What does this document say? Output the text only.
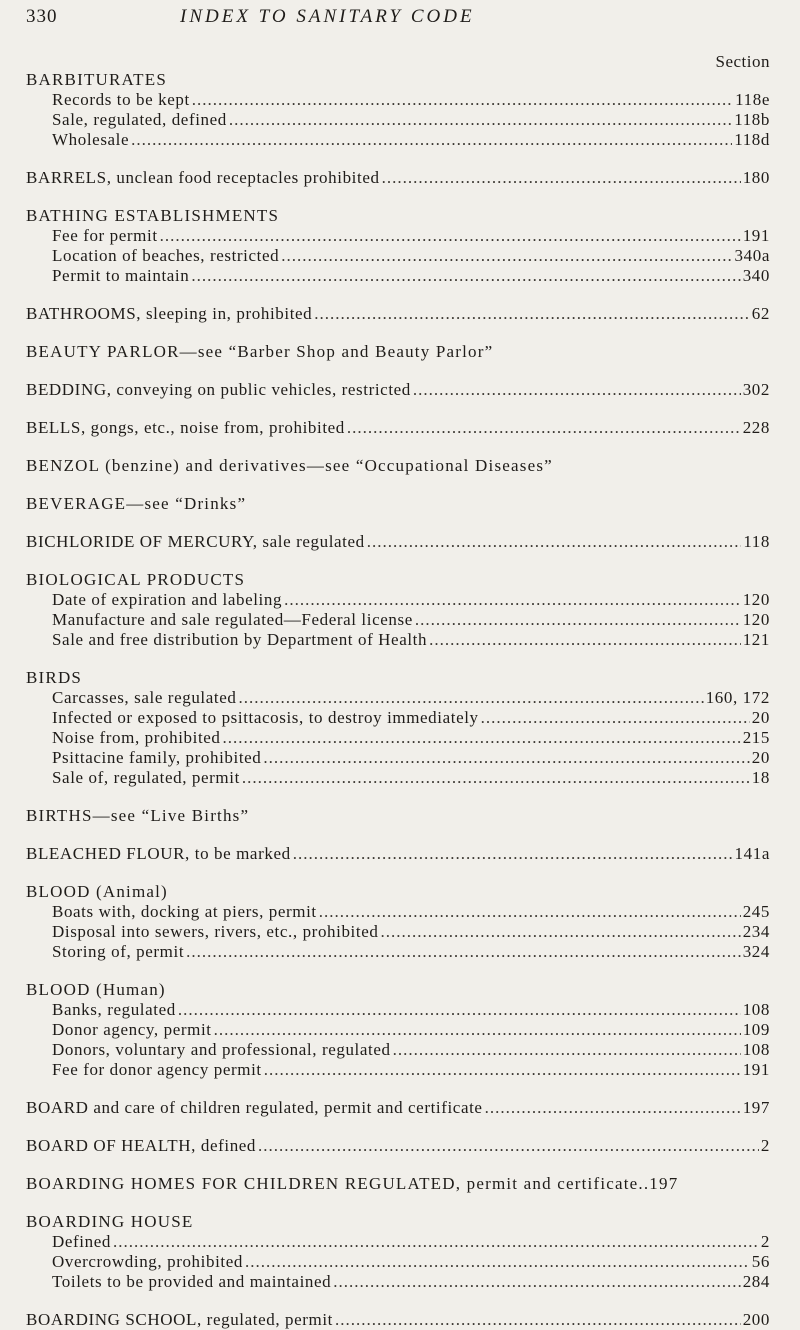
330	INDEX TO SANITARY CODE
Section
BARBITURATES
Records to be kept .....	118e
Sale, regulated, defined .....	118b
Wholesale .....	118d
BARRELS, unclean food receptacles prohibited .....	180
BATHING ESTABLISHMENTS
Fee for permit .....	191
Location of beaches, restricted .....	340a
Permit to maintain .....	340
BATHROOMS, sleeping in, prohibited .....	62
BEAUTY PARLOR—see “Barber Shop and Beauty Parlor”
BEDDING, conveying on public vehicles, restricted .....	302
BELLS, gongs, etc., noise from, prohibited .....	228
BENZOL (benzine) and derivatives—see “Occupational Diseases”
BEVERAGE—see “Drinks”
BICHLORIDE OF MERCURY, sale regulated .....	118
BIOLOGICAL PRODUCTS
Date of expiration and labeling .....	120
Manufacture and sale regulated—Federal license .....	120
Sale and free distribution by Department of Health .....	121
BIRDS
Carcasses, sale regulated .....	160, 172
Infected or exposed to psittacosis, to destroy immediately .....	20
Noise from, prohibited .....	215
Psittacine family, prohibited .....	20
Sale of, regulated, permit .....	18
BIRTHS—see “Live Births”
BLEACHED FLOUR, to be marked .....	141a
BLOOD (Animal)
Boats with, docking at piers, permit .....	245
Disposal into sewers, rivers, etc., prohibited .....	234
Storing of, permit .....	324
BLOOD (Human)
Banks, regulated .....	108
Donor agency, permit .....	109
Donors, voluntary and professional, regulated .....	108
Fee for donor agency permit .....	191
BOARD and care of children regulated, permit and certificate .....	197
BOARD OF HEALTH, defined .....	2
BOARDING HOMES FOR CHILDREN REGULATED, permit and certificate..197
BOARDING HOUSE
Defined .....	2
Overcrowding, prohibited .....	56
Toilets to be provided and maintained .....	284
BOARDING SCHOOL, regulated, permit .....	200
